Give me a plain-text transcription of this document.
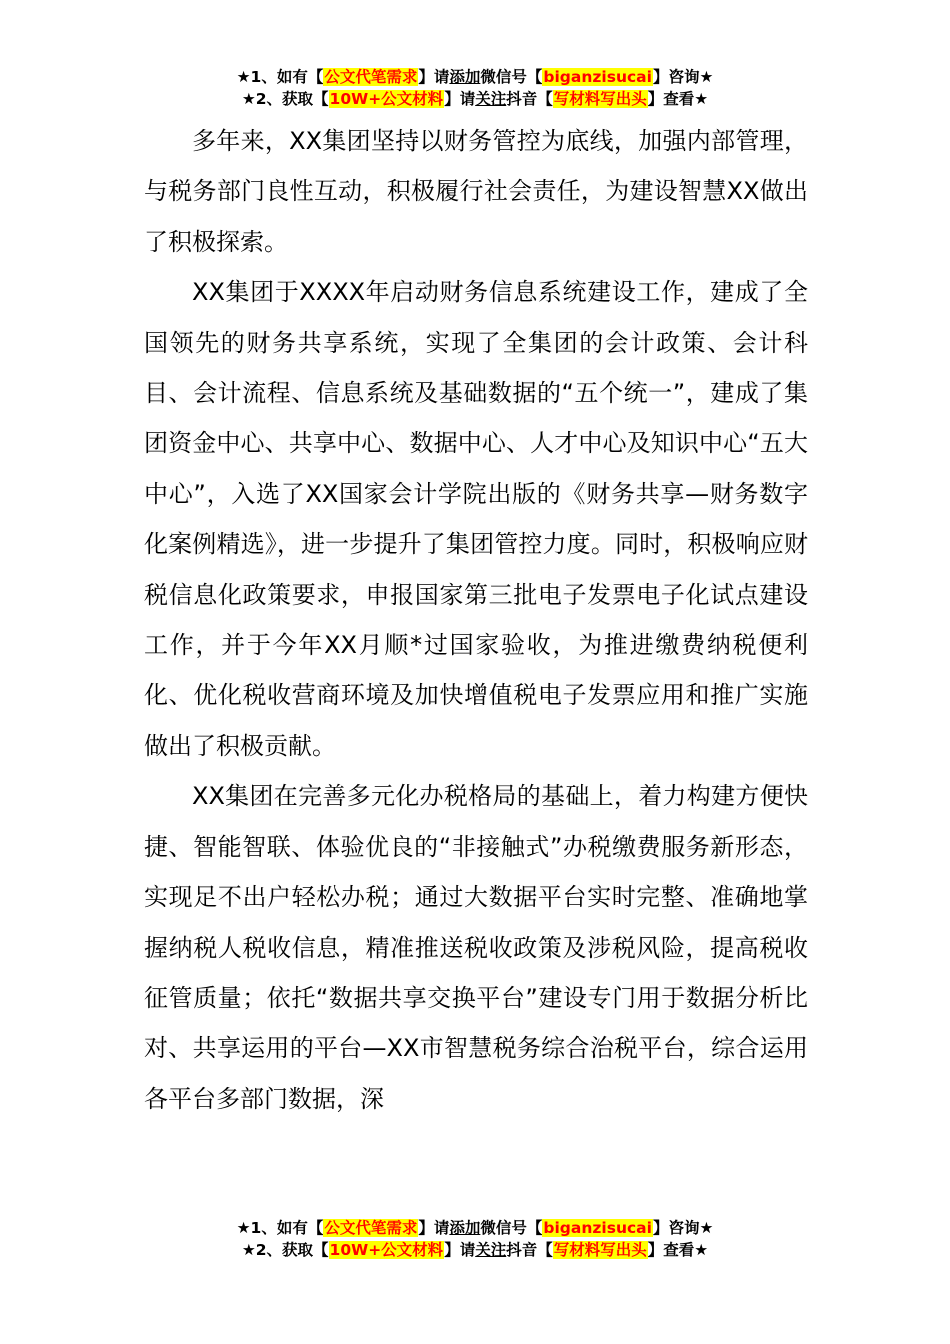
★1、如有【公文代笔需求】请添加微信号【biganzisucai】咨询★
★2、获取【10W+公文材料】请关注抖音【写材料写出头】查看★

多年来，XX集团坚持以财务管控为底线，加强内部管理，与税务部门良性互动，积极履行社会责任，为建设智慧XX做出了积极探索。

XX集团于XXXX年启动财务信息系统建设工作，建成了全国领先的财务共享系统，实现了全集团的会计政策、会计科目、会计流程、信息系统及基础数据的“五个统一”，建成了集团资金中心、共享中心、数据中心、人才中心及知识中心“五大中心”，入选了XX国家会计学院出版的《财务共享—财务数字化案例精选》，进一步提升了集团管控力度。同时，积极响应财税信息化政策要求，申报国家第三批电子发票电子化试点建设工作，并于今年XX月顺*过国家验收，为推进缴费纳税便利化、优化税收营商环境及加快增值税电子发票应用和推广实施做出了积极贡献。

XX集团在完善多元化办税格局的基础上，着力构建方便快捷、智能智联、体验优良的“非接触式”办税缴费服务新形态，实现足不出户轻松办税；通过大数据平台实时完整、准确地掌握纳税人税收信息，精准推送税收政策及涉税风险，提高税收征管质量；依托“数据共享交换平台”建设专门用于数据分析比对、共享运用的平台—XX市智慧税务综合治税平台，综合运用各平台多部门数据，深

★1、如有【公文代笔需求】请添加微信号【biganzisucai】咨询★
★2、获取【10W+公文材料】请关注抖音【写材料写出头】查看★
